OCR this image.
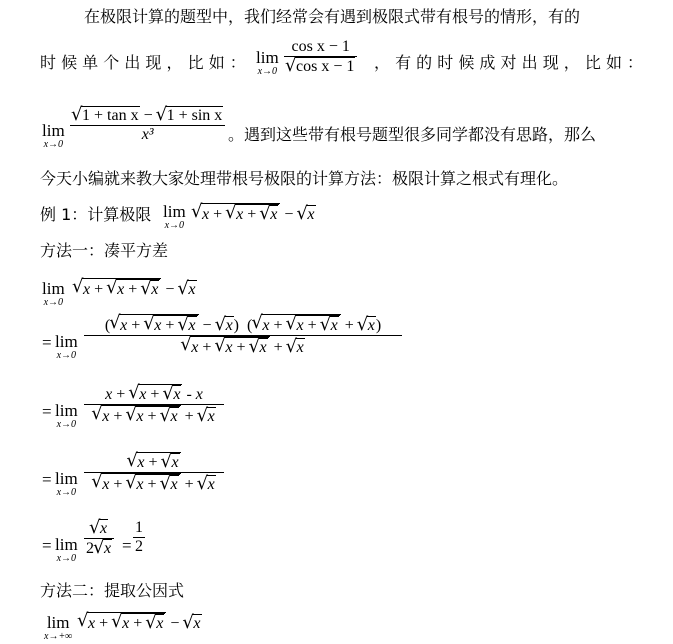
在极限计算的题型中，我们经常会有遇到极限式带有根号的情形，有的
时 候 单 个 出 现 ， 比 如 ： lim
x→0
cos x − 1
√ cos x − 1 ， 有 的 时 候 成 对 出 现 ， 比 如 ：
lim
x→0
√ 1 + tan x − √ 1 + sin x
x³	。遇到这些带有根号题型很多同学都没有思路，那么
今天小编就来教大家处理带根号极限的计算方法：极限计算之根式有理化。
例 1：计算极限 lim
x→0
√ x + √ x + √ x − √ x
方法一：凑平方差
lim
x→0
√ x + √ x + √ x − √ x
= lim
x→0
( √ x + √ x + √ x − √ x)  ( √ x + √ x + √ x + √ x)
√ x + √ x + √ x + √ x
= lim
x→0
x + √ x + √ x - x
√ x + √ x + √ x + √ x
= lim
x→0
√ x + √ x
√ x + √ x + √ x + √ x
= lim
x→0
√ x
2 √ x =
1
2
方法二：提取公因式
lim
x→+∞
√ x + √ x + √ x − √ x
